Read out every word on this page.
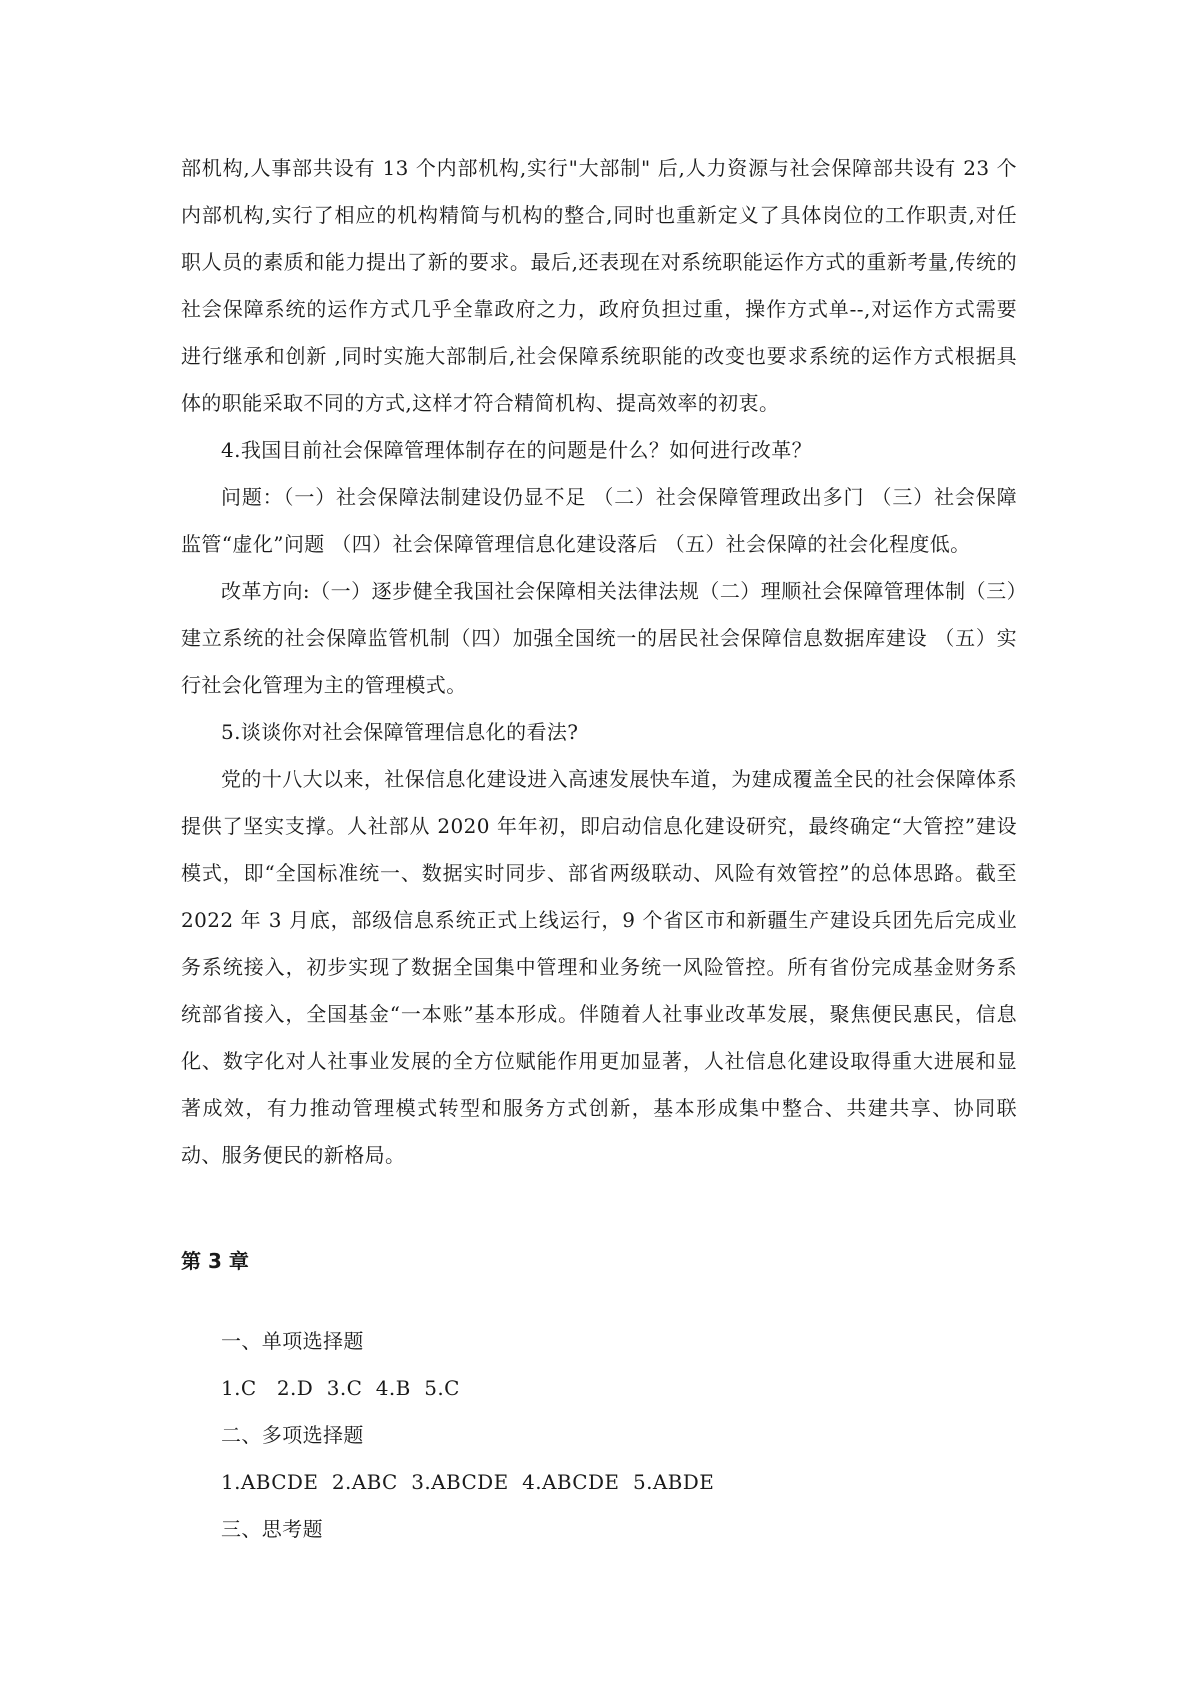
部机构,人事部共设有 13 个内部机构,实行"大部制" 后,人力资源与社会保障部共设有 23 个内部机构,实行了相应的机构精简与机构的整合,同时也重新定义了具体岗位的工作职责,对任职人员的素质和能力提出了新的要求。最后,还表现在对系统职能运作方式的重新考量,传统的社会保障系统的运作方式几乎全靠政府之力，政府负担过重，操作方式单--,对运作方式需要进行继承和创新 ,同时实施大部制后,社会保障系统职能的改变也要求系统的运作方式根据具体的职能采取不同的方式,这样才符合精简机构、提高效率的初衷。

4.我国目前社会保障管理体制存在的问题是什么？如何进行改革？

问题：（一）社会保障法制建设仍显不足 （二）社会保障管理政出多门 （三）社会保障监管“虚化”问题 （四）社会保障管理信息化建设落后 （五）社会保障的社会化程度低。

改革方向:（一）逐步健全我国社会保障相关法律法规（二）理顺社会保障管理体制（三）建立系统的社会保障监管机制（四）加强全国统一的居民社会保障信息数据库建设 （五）实行社会化管理为主的管理模式。

5.谈谈你对社会保障管理信息化的看法?

党的十八大以来，社保信息化建设进入高速发展快车道，为建成覆盖全民的社会保障体系提供了坚实支撑。人社部从 2020 年年初，即启动信息化建设研究，最终确定“大管控”建设模式，即“全国标准统一、数据实时同步、部省两级联动、风险有效管控”的总体思路。截至 2022 年 3 月底，部级信息系统正式上线运行，9 个省区市和新疆生产建设兵团先后完成业务系统接入，初步实现了数据全国集中管理和业务统一风险管控。所有省份完成基金财务系统部省接入，全国基金“一本账”基本形成。伴随着人社事业改革发展，聚焦便民惠民，信息化、数字化对人社事业发展的全方位赋能作用更加显著，人社信息化建设取得重大进展和显著成效，有力推动管理模式转型和服务方式创新，基本形成集中整合、共建共享、协同联动、服务便民的新格局。

第 3 章

一、单项选择题

1.C   2.D  3.C  4.B  5.C

二、多项选择题

1.ABCDE  2.ABC  3.ABCDE  4.ABCDE  5.ABDE

三、思考题
